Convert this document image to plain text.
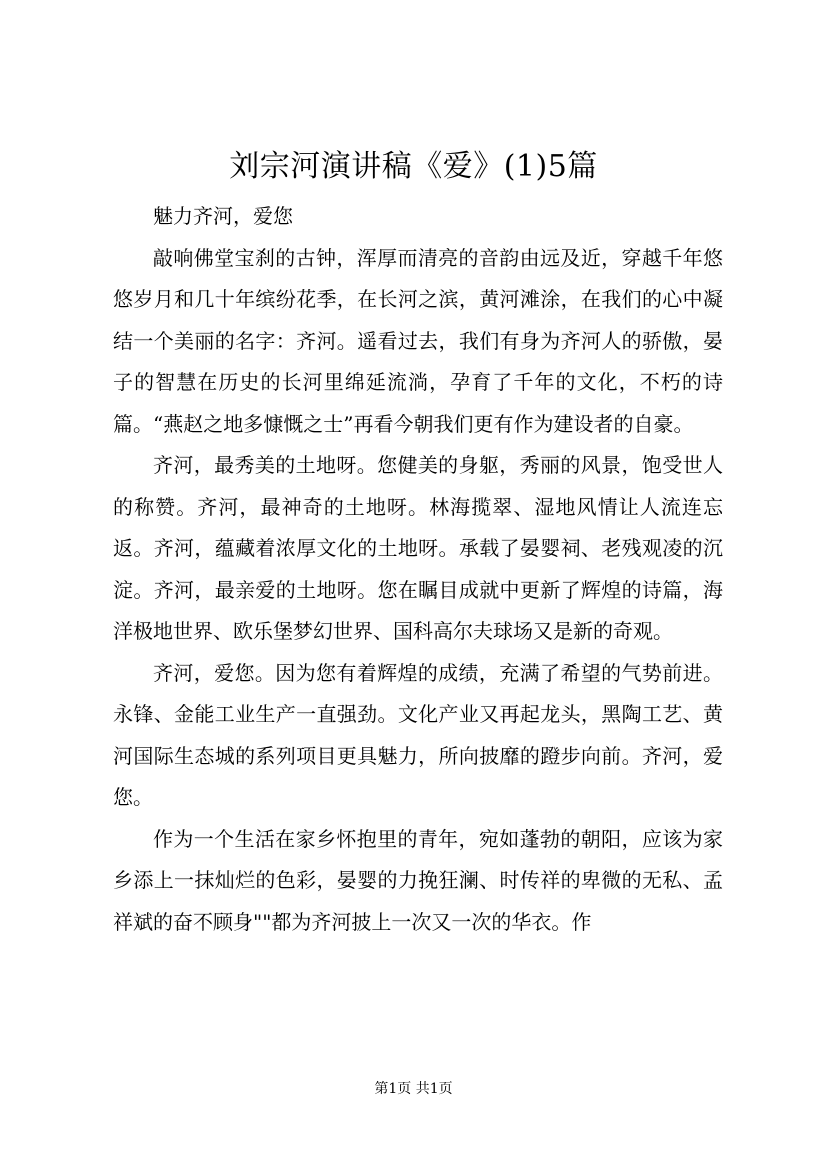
刘宗河演讲稿《爱》(1)5篇

魅力齐河，爱您

敲响佛堂宝刹的古钟，浑厚而清亮的音韵由远及近，穿越千年悠悠岁月和几十年缤纷花季，在长河之滨，黄河滩涂，在我们的心中凝结一个美丽的名字：齐河。遥看过去，我们有身为齐河人的骄傲，晏子的智慧在历史的长河里绵延流淌，孕育了千年的文化，不朽的诗篇。“燕赵之地多慷慨之士”再看今朝我们更有作为建设者的自豪。

齐河，最秀美的土地呀。您健美的身躯，秀丽的风景，饱受世人的称赞。齐河，最神奇的土地呀。林海揽翠、湿地风情让人流连忘返。齐河，蕴藏着浓厚文化的土地呀。承载了晏婴祠、老残观凌的沉淀。齐河，最亲爱的土地呀。您在瞩目成就中更新了辉煌的诗篇，海洋极地世界、欧乐堡梦幻世界、国科高尔夫球场又是新的奇观。

齐河，爱您。因为您有着辉煌的成绩，充满了希望的气势前进。永锋、金能工业生产一直强劲。文化产业又再起龙头，黑陶工艺、黄河国际生态城的系列项目更具魅力，所向披靡的蹬步向前。齐河，爱您。

作为一个生活在家乡怀抱里的青年，宛如蓬勃的朝阳，应该为家乡添上一抹灿烂的色彩，晏婴的力挽狂澜、时传祥的卑微的无私、孟祥斌的奋不顾身""都为齐河披上一次又一次的华衣。作

第1页 共1页
